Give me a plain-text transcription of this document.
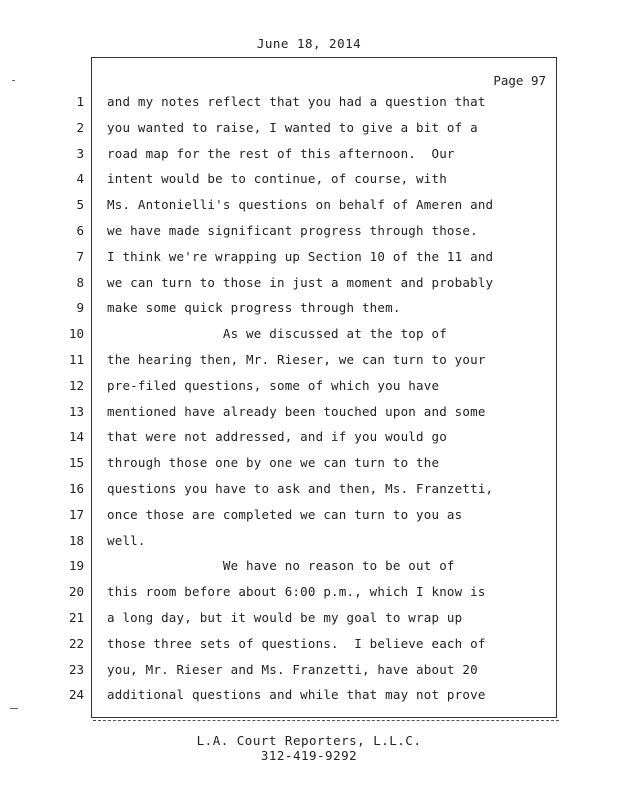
June 18, 2014
Page 97
1 and my notes reflect that you had a question that
2 you wanted to raise, I wanted to give a bit of a
3 road map for the rest of this afternoon.  Our
4 intent would be to continue, of course, with
5 Ms. Antonielli's questions on behalf of Ameren and
6 we have made significant progress through those.
7 I think we're wrapping up Section 10 of the 11 and
8 we can turn to those in just a moment and probably
9 make some quick progress through them.
10 As we discussed at the top of
11 the hearing then, Mr. Rieser, we can turn to your
12 pre-filed questions, some of which you have
13 mentioned have already been touched upon and some
14 that were not addressed, and if you would go
15 through those one by one we can turn to the
16 questions you have to ask and then, Ms. Franzetti,
17 once those are completed we can turn to you as
18 well.
19 We have no reason to be out of
20 this room before about 6:00 p.m., which I know is
21 a long day, but it would be my goal to wrap up
22 those three sets of questions.  I believe each of
23 you, Mr. Rieser and Ms. Franzetti, have about 20
24 additional questions and while that may not prove
L.A. Court Reporters, L.L.C.
312-419-9292
